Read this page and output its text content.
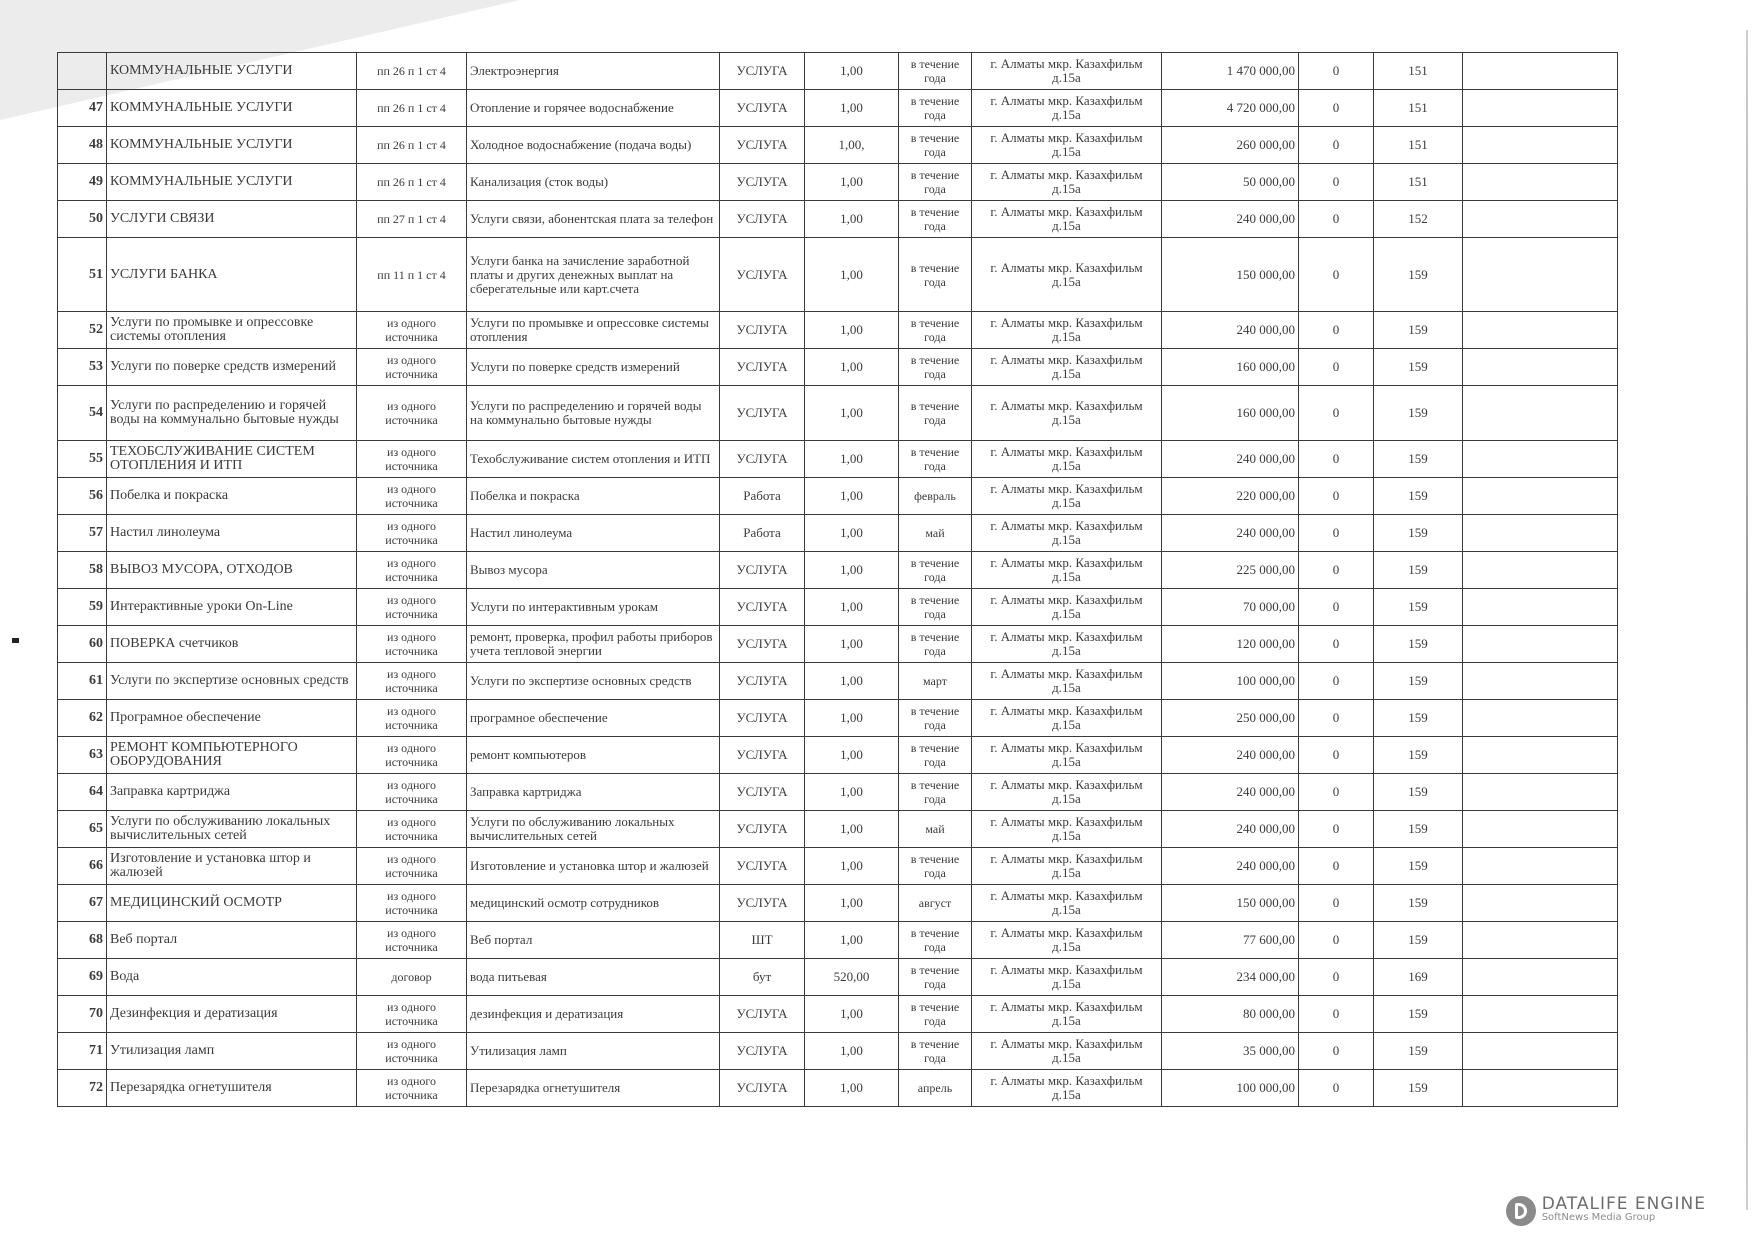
	КОММУНАЛЬНЫЕ УСЛУГИ	пп 26 п 1 ст 4	Электроэнергия	УСЛУГА	1,00	в течение года	г. Алматы мкр. Казахфильм д.15а	1 470 000,00	0	151	
47	КОММУНАЛЬНЫЕ УСЛУГИ	пп 26 п 1 ст 4	Отопление и горячее водоснабжение	УСЛУГА	1,00	в течение года	г. Алматы мкр. Казахфильм д.15а	4 720 000,00	0	151	
48	КОММУНАЛЬНЫЕ УСЛУГИ	пп 26 п 1 ст 4	Холодное водоснабжение (подача воды)	УСЛУГА	1,00,	в течение года	г. Алматы мкр. Казахфильм д.15а	260 000,00	0	151	
49	КОММУНАЛЬНЫЕ УСЛУГИ	пп 26 п 1 ст 4	Канализация (сток воды)	УСЛУГА	1,00	в течение года	г. Алматы мкр. Казахфильм д.15а	50 000,00	0	151	
50	УСЛУГИ СВЯЗИ	пп 27 п 1 ст 4	Услуги связи, абонентская плата за телефон	УСЛУГА	1,00	в течение года	г. Алматы мкр. Казахфильм д.15а	240 000,00	0	152	
51	УСЛУГИ БАНКА	пп 11 п 1 ст 4	Услуги банка на зачисление заработной платы и других денежных выплат на сберегательные или карт.счета	УСЛУГА	1,00	в течение года	г. Алматы мкр. Казахфильм д.15а	150 000,00	0	159	
52	Услуги по промывке и опрессовке системы отопления	из одного источника	Услуги по промывке и опрессовке системы отопления	УСЛУГА	1,00	в течение года	г. Алматы мкр. Казахфильм д.15а	240 000,00	0	159	
53	Услуги по поверке средств измерений	из одного источника	Услуги по поверке средств измерений	УСЛУГА	1,00	в течение года	г. Алматы мкр. Казахфильм д.15а	160 000,00	0	159	
54	Услуги по распределению и горячей воды на коммунально бытовые нужды	из одного источника	Услуги по распределению и горячей воды на коммунально бытовые нужды	УСЛУГА	1,00	в течение года	г. Алматы мкр. Казахфильм д.15а	160 000,00	0	159	
55	ТЕХОБСЛУЖИВАНИЕ СИСТЕМ ОТОПЛЕНИЯ И ИТП	из одного источника	Техобслуживание систем отопления и ИТП	УСЛУГА	1,00	в течение года	г. Алматы мкр. Казахфильм д.15а	240 000,00	0	159	
56	Побелка и покраска	из одного источника	Побелка и покраска	Работа	1,00	февраль	г. Алматы мкр. Казахфильм д.15а	220 000,00	0	159	
57	Настил линолеума	из одного источника	Настил линолеума	Работа	1,00	май	г. Алматы мкр. Казахфильм д.15а	240 000,00	0	159	
58	ВЫВОЗ МУСОРА, ОТХОДОВ	из одного источника	Вывоз мусора	УСЛУГА	1,00	в течение года	г. Алматы мкр. Казахфильм д.15а	225 000,00	0	159	
59	Интерактивные уроки On-Line	из одного источника	Услуги по интерактивным урокам	УСЛУГА	1,00	в течение года	г. Алматы мкр. Казахфильм д.15а	70 000,00	0	159	
60	ПОВЕРКА счетчиков	из одного источника	ремонт, проверка, профил работы приборов учета тепловой энергии	УСЛУГА	1,00	в течение года	г. Алматы мкр. Казахфильм д.15а	120 000,00	0	159	
61	Услуги по экспертизе основных средств	из одного источника	Услуги по экспертизе основных средств	УСЛУГА	1,00	март	г. Алматы мкр. Казахфильм д.15а	100 000,00	0	159	
62	Програмное обеспечение	из одного источника	програмное обеспечение	УСЛУГА	1,00	в течение года	г. Алматы мкр. Казахфильм д.15а	250 000,00	0	159	
63	РЕМОНТ КОМПЬЮТЕРНОГО ОБОРУДОВАНИЯ	из одного источника	ремонт компьютеров	УСЛУГА	1,00	в течение года	г. Алматы мкр. Казахфильм д.15а	240 000,00	0	159	
64	Заправка картриджа	из одного источника	Заправка картриджа	УСЛУГА	1,00	в течение года	г. Алматы мкр. Казахфильм д.15а	240 000,00	0	159	
65	Услуги по обслуживанию локальных вычислительных сетей	из одного источника	Услуги по обслуживанию локальных вычислительных сетей	УСЛУГА	1,00	май	г. Алматы мкр. Казахфильм д.15а	240 000,00	0	159	
66	Изготовление и установка штор и жалюзей	из одного источника	Изготовление и установка штор и жалюзей	УСЛУГА	1,00	в течение года	г. Алматы мкр. Казахфильм д.15а	240 000,00	0	159	
67	МЕДИЦИНСКИЙ ОСМОТР	из одного источника	медицинский осмотр сотрудников	УСЛУГА	1,00	август	г. Алматы мкр. Казахфильм д.15а	150 000,00	0	159	
68	Веб портал	из одного источника	Веб портал	ШТ	1,00	в течение года	г. Алматы мкр. Казахфильм д.15а	77 600,00	0	159	
69	Вода	договор	вода питьевая	бут	520,00	в течение года	г. Алматы мкр. Казахфильм д.15а	234 000,00	0	169	
70	Дезинфекция и дератизация	из одного источника	дезинфекция и дератизация	УСЛУГА	1,00	в течение года	г. Алматы мкр. Казахфильм д.15а	80 000,00	0	159	
71	Утилизация ламп	из одного источника	Утилизация ламп	УСЛУГА	1,00	в течение года	г. Алматы мкр. Казахфильм д.15а	35 000,00	0	159	
72	Перезарядка огнетушителя	из одного источника	Перезарядка огнетушителя	УСЛУГА	1,00	апрель	г. Алматы мкр. Казахфильм д.15а	100 000,00	0	159	
DATALIFE ENGINE
SoftNews Media Group
